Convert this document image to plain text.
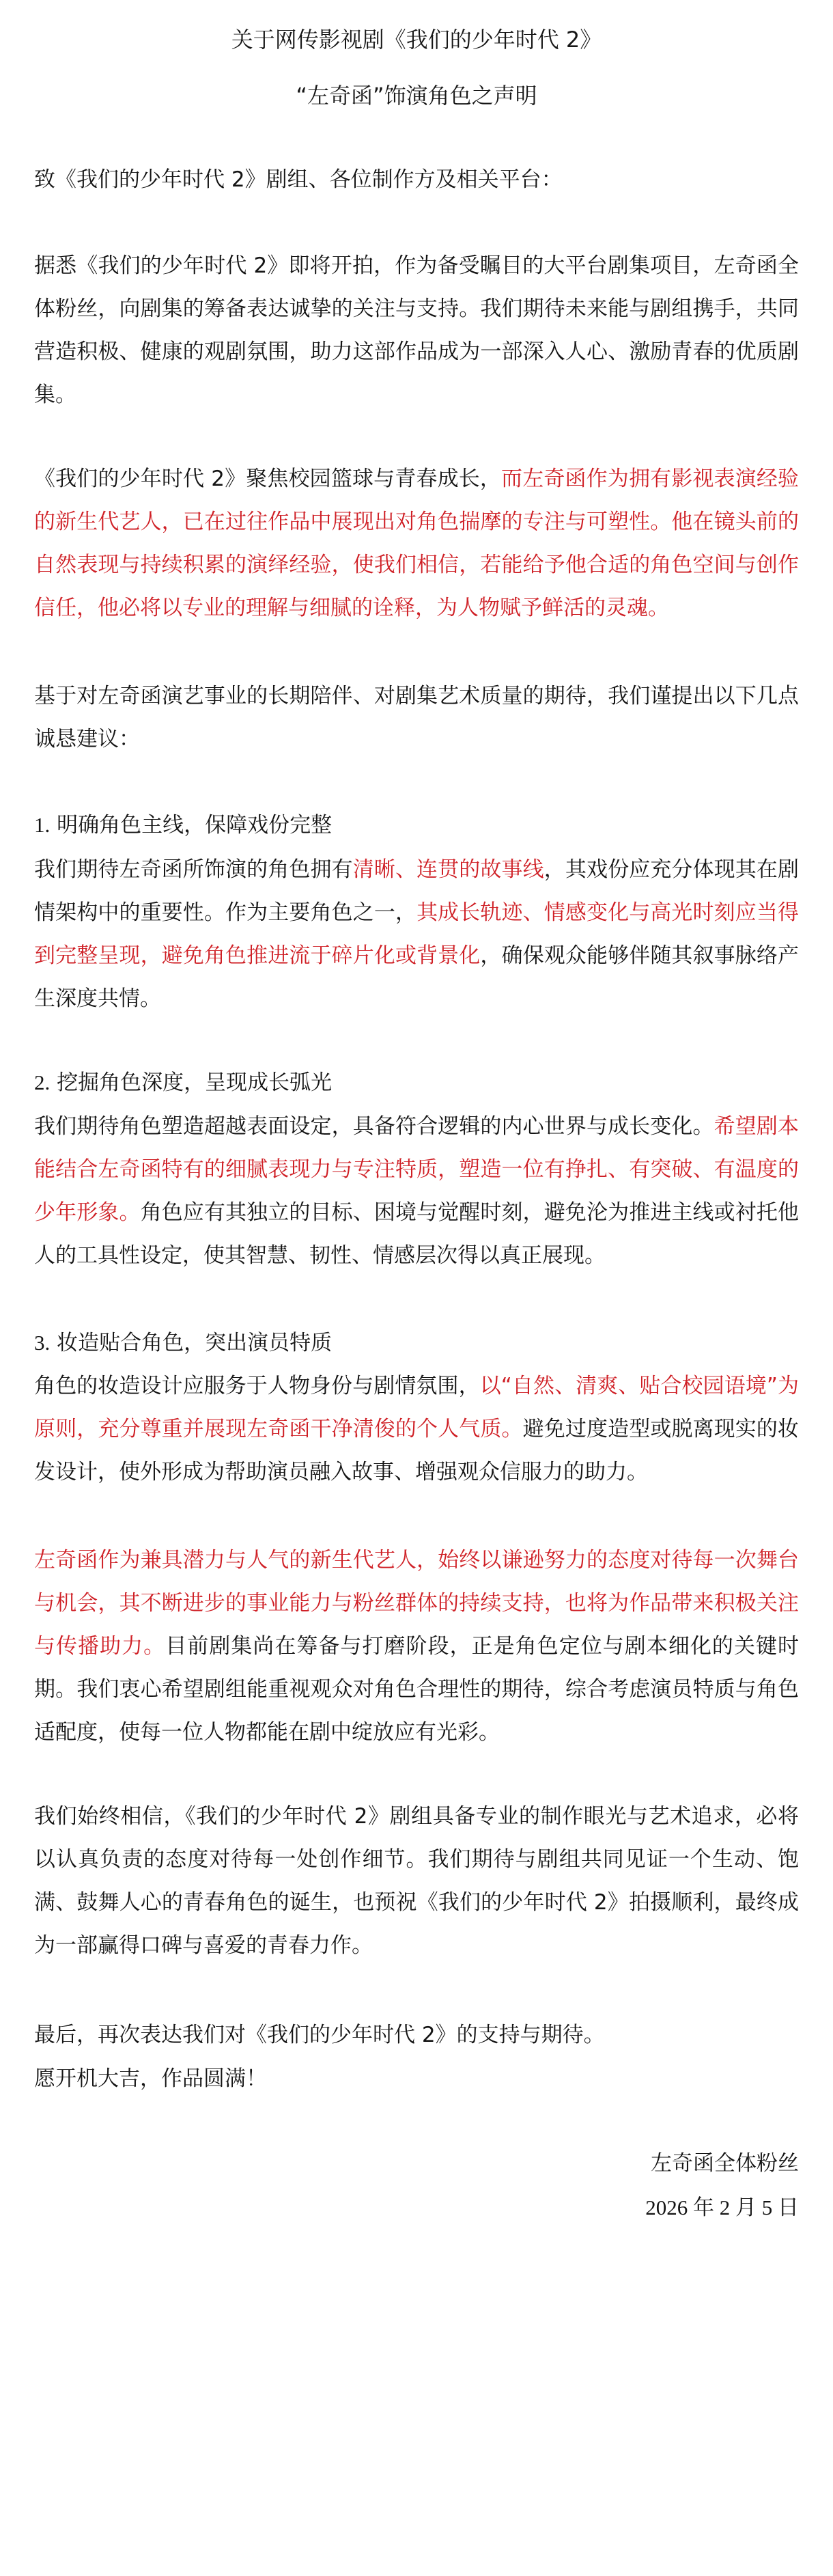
关于网传影视剧《我们的少年时代 2》
“左奇函”饰演角色之声明
致《我们的少年时代 2》剧组、各位制作方及相关平台：
据悉《我们的少年时代 2》即将开拍，作为备受瞩目的大平台剧集项目，左奇函全体粉丝，向剧集的筹备表达诚挚的关注与支持。我们期待未来能与剧组携手，共同营造积极、健康的观剧氛围，助力这部作品成为一部深入人心、激励青春的优质剧集。
《我们的少年时代 2》聚焦校园篮球与青春成长，而左奇函作为拥有影视表演经验的新生代艺人，已在过往作品中展现出对角色揣摩的专注与可塑性。他在镜头前的自然表现与持续积累的演绎经验，使我们相信，若能给予他合适的角色空间与创作信任，他必将以专业的理解与细腻的诠释，为人物赋予鲜活的灵魂。
基于对左奇函演艺事业的长期陪伴、对剧集艺术质量的期待，我们谨提出以下几点诚恳建议：
1. 明确角色主线，保障戏份完整
我们期待左奇函所饰演的角色拥有清晰、连贯的故事线，其戏份应充分体现其在剧情架构中的重要性。作为主要角色之一，其成长轨迹、情感变化与高光时刻应当得到完整呈现，避免角色推进流于碎片化或背景化，确保观众能够伴随其叙事脉络产生深度共情。
2. 挖掘角色深度，呈现成长弧光
我们期待角色塑造超越表面设定，具备符合逻辑的内心世界与成长变化。希望剧本能结合左奇函特有的细腻表现力与专注特质，塑造一位有挣扎、有突破、有温度的少年形象。角色应有其独立的目标、困境与觉醒时刻，避免沦为推进主线或衬托他人的工具性设定，使其智慧、韧性、情感层次得以真正展现。
3. 妆造贴合角色，突出演员特质
角色的妆造设计应服务于人物身份与剧情氛围，以“自然、清爽、贴合校园语境”为原则，充分尊重并展现左奇函干净清俊的个人气质。避免过度造型或脱离现实的妆发设计，使外形成为帮助演员融入故事、增强观众信服力的助力。
左奇函作为兼具潜力与人气的新生代艺人，始终以谦逊努力的态度对待每一次舞台与机会，其不断进步的事业能力与粉丝群体的持续支持，也将为作品带来积极关注与传播助力。目前剧集尚在筹备与打磨阶段，正是角色定位与剧本细化的关键时期。我们衷心希望剧组能重视观众对角色合理性的期待，综合考虑演员特质与角色适配度，使每一位人物都能在剧中绽放应有光彩。
我们始终相信，《我们的少年时代 2》剧组具备专业的制作眼光与艺术追求，必将以认真负责的态度对待每一处创作细节。我们期待与剧组共同见证一个生动、饱满、鼓舞人心的青春角色的诞生，也预祝《我们的少年时代 2》拍摄顺利，最终成为一部赢得口碑与喜爱的青春力作。
最后，再次表达我们对《我们的少年时代 2》的支持与期待。
愿开机大吉，作品圆满！
左奇函全体粉丝
2026 年 2 月 5 日
